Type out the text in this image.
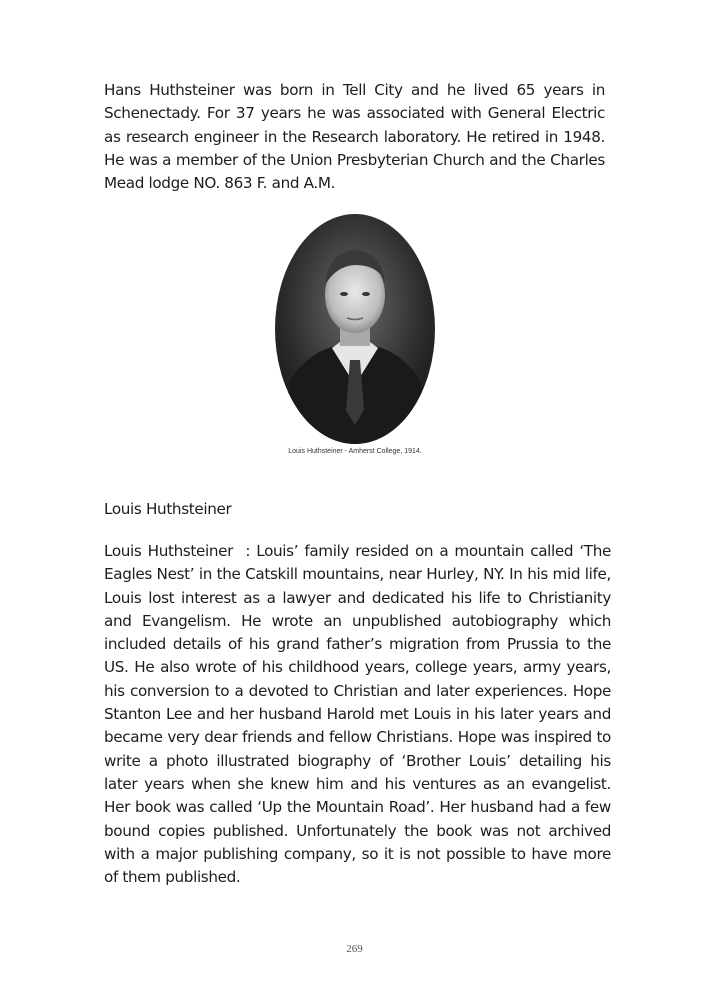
Hans Huthsteiner was born in Tell City and he lived 65 years in Schenectady. For 37 years he was associated with General Electric as research engineer in the Research laboratory. He retired in 1948. He was a member of the Union Presbyterian Church and the Charles Mead lodge NO. 863 F. and A.M.

Louis Huthsteiner - Amherst College, 1914.
Louis Huthsteiner

Louis Huthsteiner  : Louis’ family resided on a mountain called ‘The Eagles Nest’ in the Catskill mountains, near Hurley, NY. In his mid life, Louis lost interest as a lawyer and dedicated his life to Christianity and Evangelism. He wrote an unpublished autobiography which included details of his grand father’s migration from Prussia to the US. He also wrote of his childhood years, college years, army years, his conversion to a devoted to Christian and later experiences. Hope Stanton Lee and her husband Harold met Louis in his later years and became very dear friends and fellow Christians. Hope was inspired to write a photo illustrated biography of ‘Brother Louis’ detailing his later years when she knew him and his ventures as an evangelist. Her book was called ‘Up the Mountain Road’. Her husband had a few bound copies published. Unfortunately the book was not archived with a major publishing company, so it is not possible to have more of them published.

269
